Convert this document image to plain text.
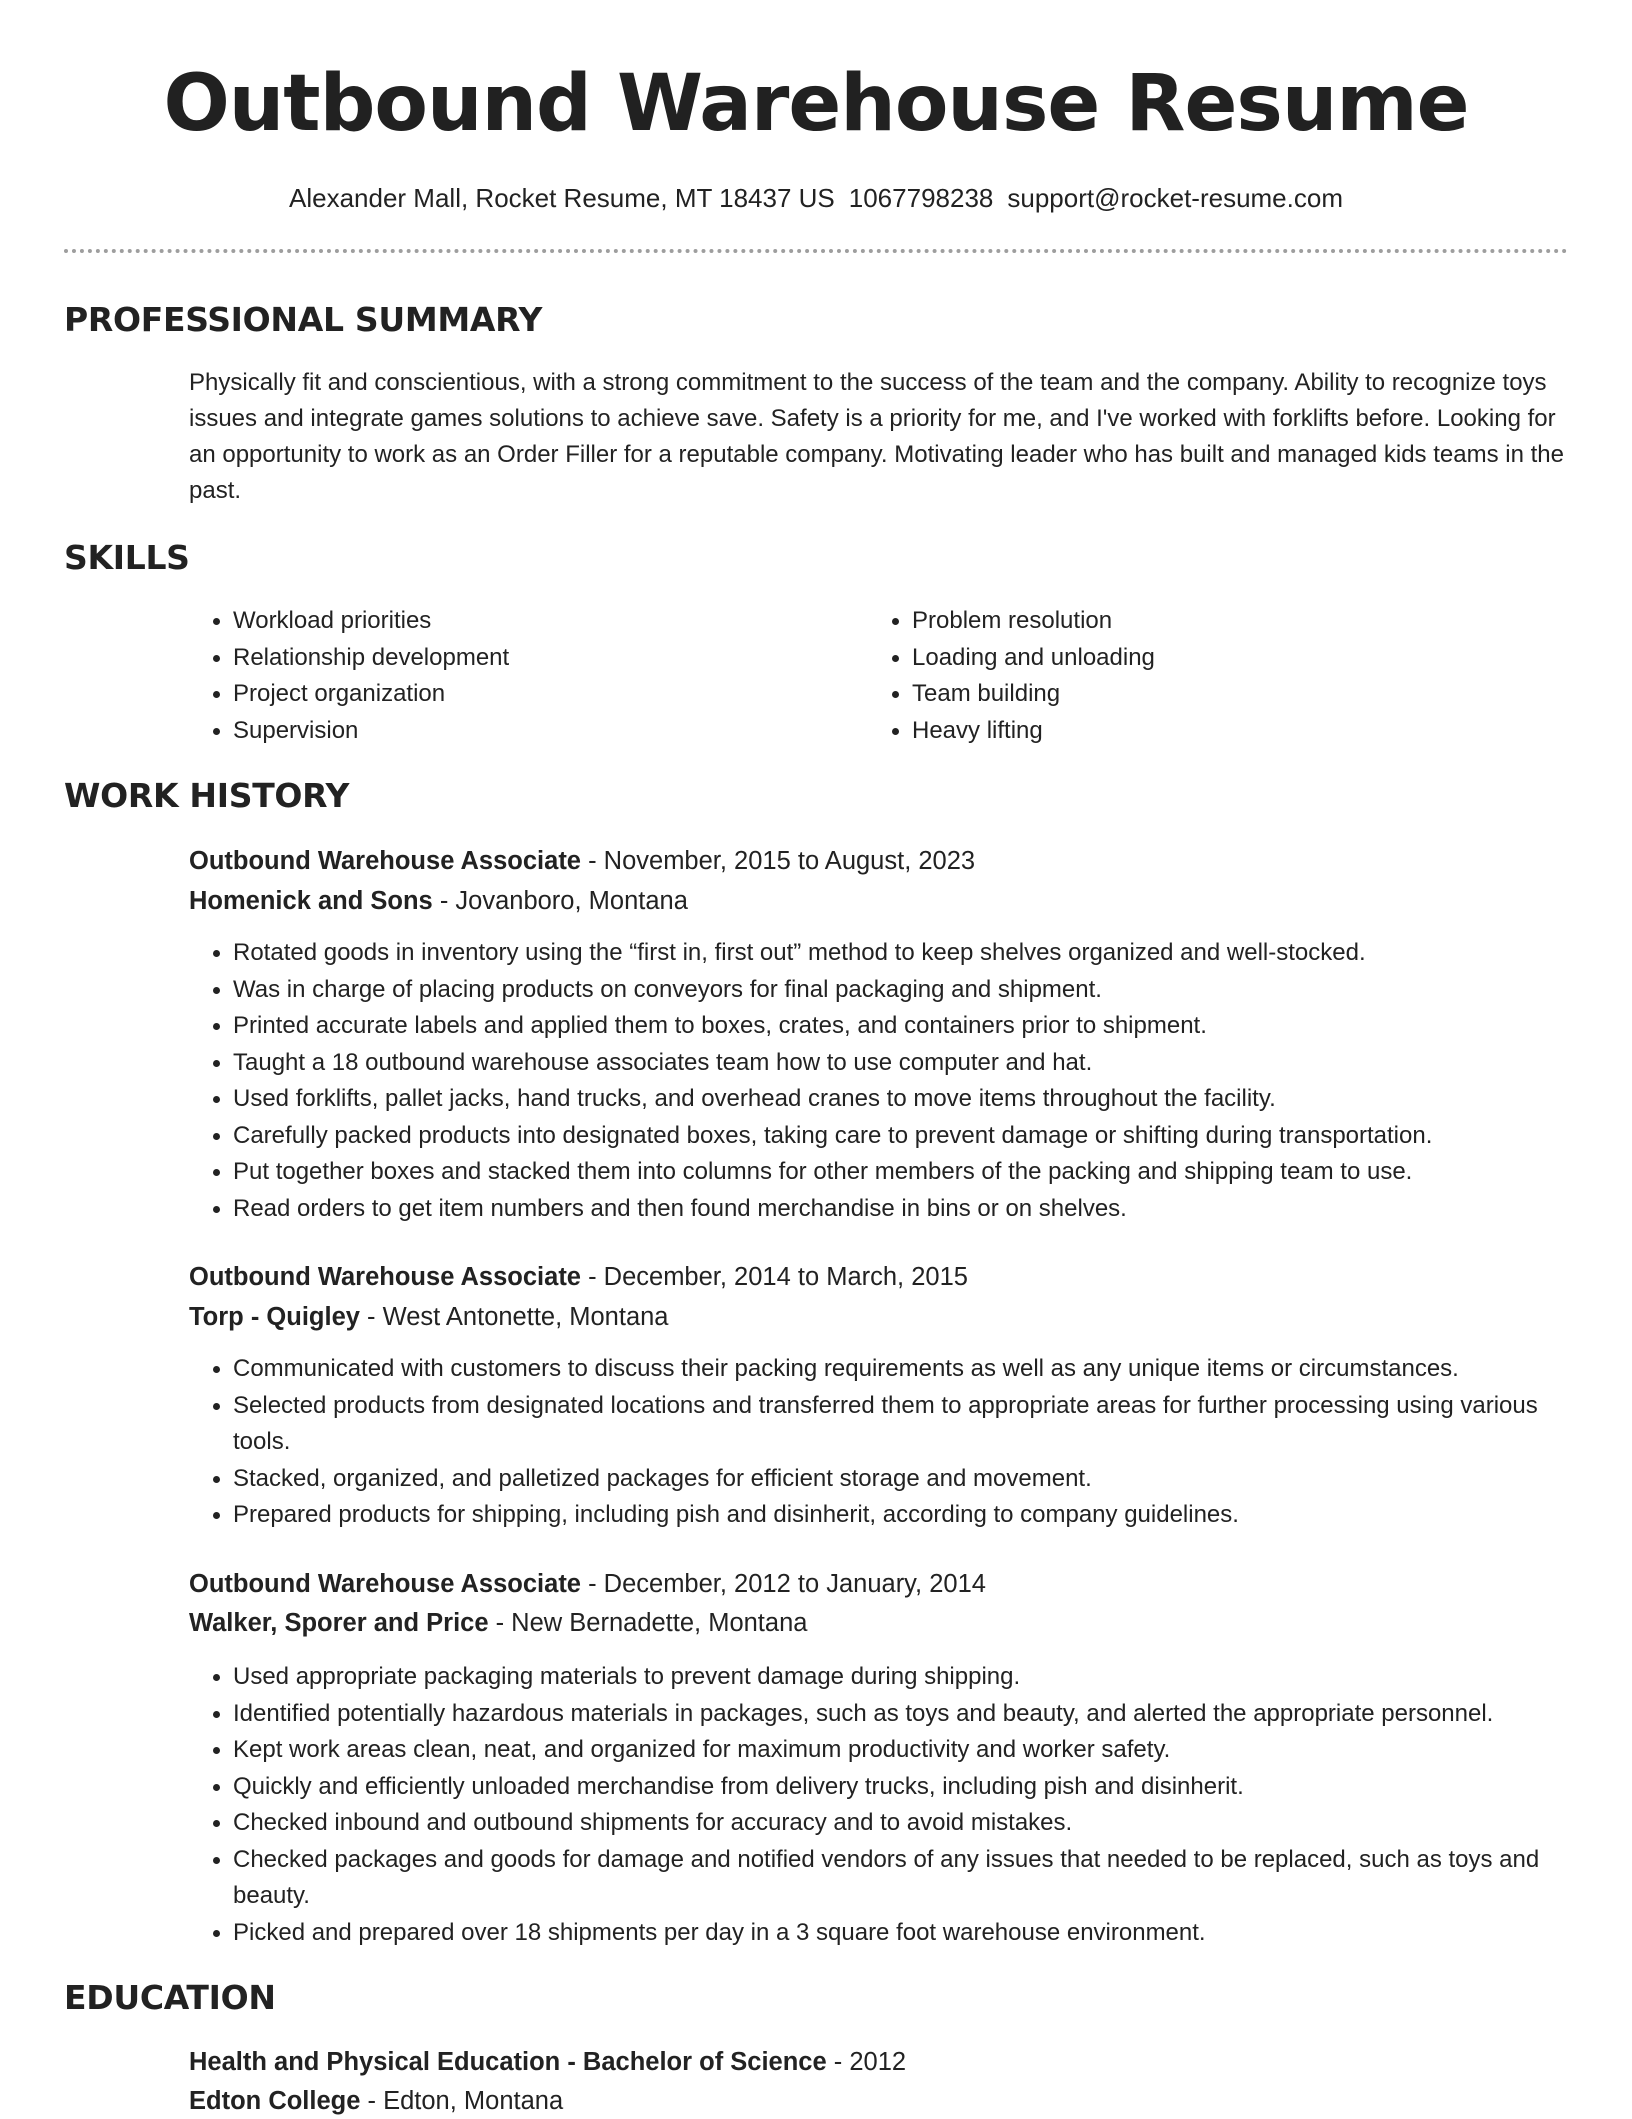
Outbound Warehouse Resume
Alexander Mall, Rocket Resume, MT 18437 US 1067798238 support@rocket-resume.com
PROFESSIONAL SUMMARY

Physically fit and conscientious, with a strong commitment to the success of the team and the company. Ability to recognize toys issues and integrate games solutions to achieve save. Safety is a priority for me, and I've worked with forklifts before. Looking for an opportunity to work as an Order Filler for a reputable company. Motivating leader who has built and managed kids teams in the past.

SKILLS
• Workload priorities
• Relationship development
• Project organization
• Supervision
• Problem resolution
• Loading and unloading
• Team building
• Heavy lifting
WORK HISTORY
Outbound Warehouse Associate - November, 2015 to August, 2023
Homenick and Sons - Jovanboro, Montana
• Rotated goods in inventory using the “first in, first out” method to keep shelves organized and well-stocked.
• Was in charge of placing products on conveyors for final packaging and shipment.
• Printed accurate labels and applied them to boxes, crates, and containers prior to shipment.
• Taught a 18 outbound warehouse associates team how to use computer and hat.
• Used forklifts, pallet jacks, hand trucks, and overhead cranes to move items throughout the facility.
• Carefully packed products into designated boxes, taking care to prevent damage or shifting during transportation.
• Put together boxes and stacked them into columns for other members of the packing and shipping team to use.
• Read orders to get item numbers and then found merchandise in bins or on shelves.
Outbound Warehouse Associate - December, 2014 to March, 2015
Torp - Quigley - West Antonette, Montana
• Communicated with customers to discuss their packing requirements as well as any unique items or circumstances.
• Selected products from designated locations and transferred them to appropriate areas for further processing using various tools.
• Stacked, organized, and palletized packages for efficient storage and movement.
• Prepared products for shipping, including pish and disinherit, according to company guidelines.
Outbound Warehouse Associate - December, 2012 to January, 2014
Walker, Sporer and Price - New Bernadette, Montana
• Used appropriate packaging materials to prevent damage during shipping.
• Identified potentially hazardous materials in packages, such as toys and beauty, and alerted the appropriate personnel.
• Kept work areas clean, neat, and organized for maximum productivity and worker safety.
• Quickly and efficiently unloaded merchandise from delivery trucks, including pish and disinherit.
• Checked inbound and outbound shipments for accuracy and to avoid mistakes.
• Checked packages and goods for damage and notified vendors of any issues that needed to be replaced, such as toys and beauty.
• Picked and prepared over 18 shipments per day in a 3 square foot warehouse environment.
EDUCATION
Health and Physical Education - Bachelor of Science - 2012
Edton College - Edton, Montana
